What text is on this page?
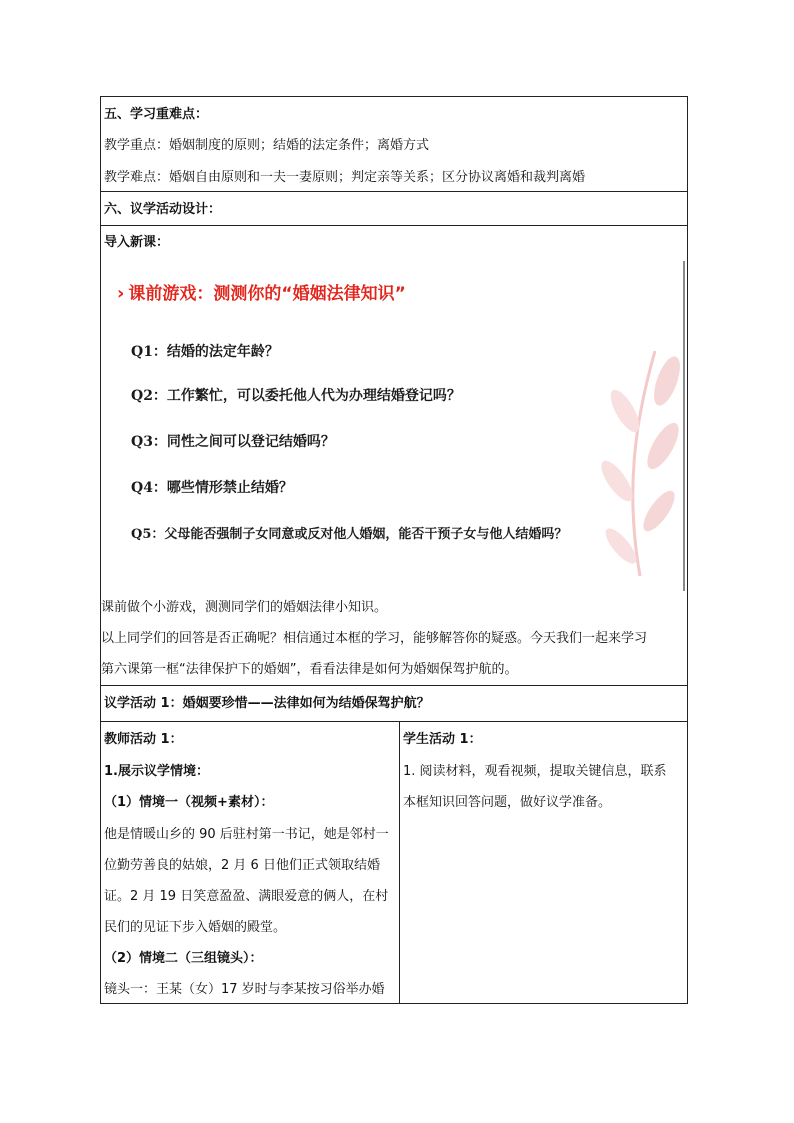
五、学习重难点：
教学重点：婚姻制度的原则；结婚的法定条件；离婚方式
教学难点：婚姻自由原则和一夫一妻原则；判定亲等关系；区分协议离婚和裁判离婚
六、议学活动设计：
导入新课：
› 课前游戏：测测你的“婚姻法律知识”
Q1：结婚的法定年龄？
Q2：工作繁忙，可以委托他人代为办理结婚登记吗？
Q3：同性之间可以登记结婚吗？
Q4：哪些情形禁止结婚？
Q5：父母能否强制子女同意或反对他人婚姻，能否干预子女与他人结婚吗？
课前做个小游戏，测测同学们的婚姻法律小知识。
以上同学们的回答是否正确呢？相信通过本框的学习，能够解答你的疑惑。今天我们一起来学习
第六课第一框“法律保护下的婚姻”，看看法律是如何为婚姻保驾护航的。
议学活动 1：婚姻要珍惜——法律如何为结婚保驾护航？
教师活动 1：
1.展示议学情境：
（1）情境一（视频+素材）：
他是情暖山乡的 90 后驻村第一书记，她是邻村一
位勤劳善良的姑娘，2 月 6 日他们正式领取结婚
证。2 月 19 日笑意盈盈、满眼爱意的俩人，在村
民们的见证下步入婚姻的殿堂。
（2）情境二（三组镜头）：
镜头一：王某（女）17 岁时与李某按习俗举办婚
学生活动 1：
1. 阅读材料，观看视频，提取关键信息，联系
本框知识回答问题，做好议学准备。
